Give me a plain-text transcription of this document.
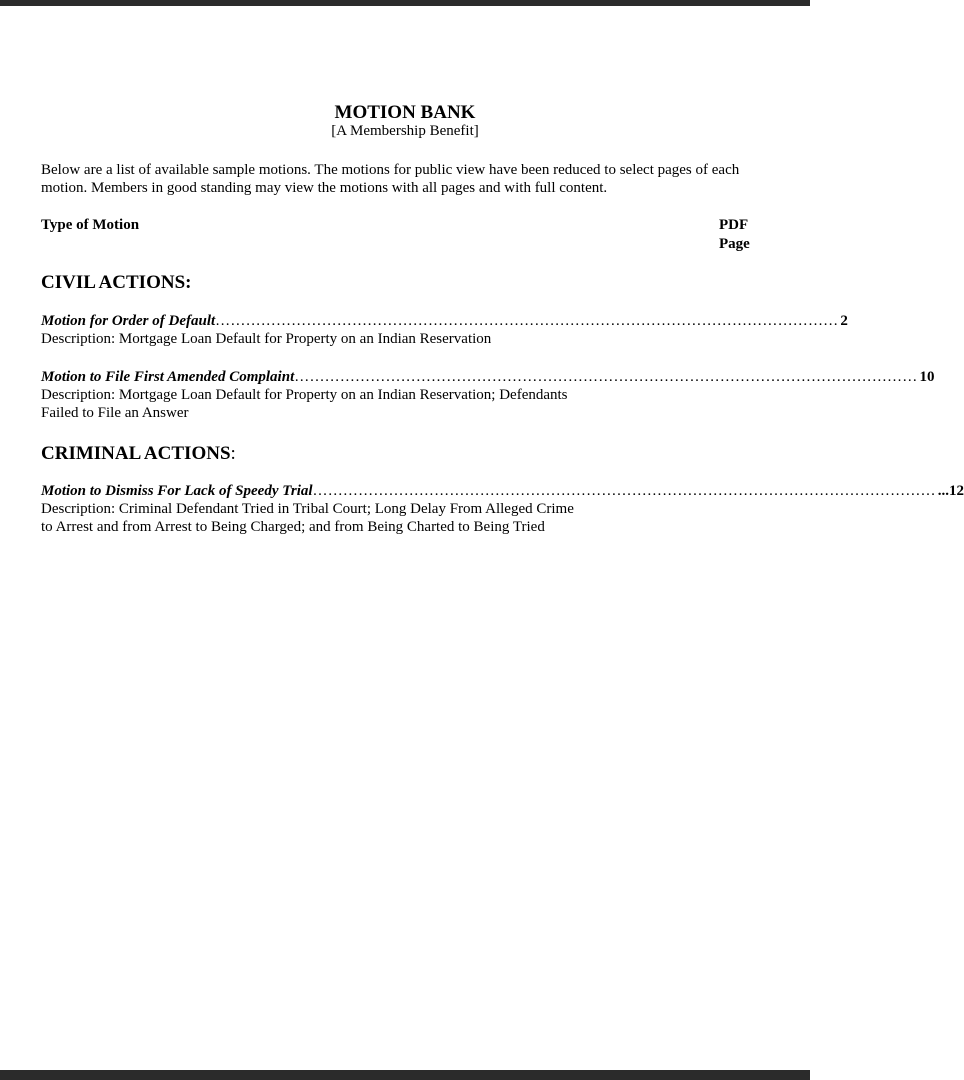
MOTION BANK
[A Membership Benefit]
Below are a list of available sample motions. The motions for public view have been reduced to select pages of each motion. Members in good standing may view the motions with all pages and with full content.
Type of Motion	PDF
Page
CIVIL ACTIONS:
Motion for Order of Default …………………………………………………………………………………………………………… 2
Description: Mortgage Loan Default for Property on an Indian Reservation
Motion to File First Amended Complaint …………………………………………………………………………………………………………… 10
Description: Mortgage Loan Default for Property on an Indian Reservation; Defendants
Failed to File an Answer
CRIMINAL ACTIONS:
Motion to Dismiss For Lack of Speedy Trial …………………………………………………………………………………………………………… ...12
Description: Criminal Defendant Tried in Tribal Court; Long Delay From Alleged Crime
to Arrest and from Arrest to Being Charged; and from Being Charted to Being Tried
